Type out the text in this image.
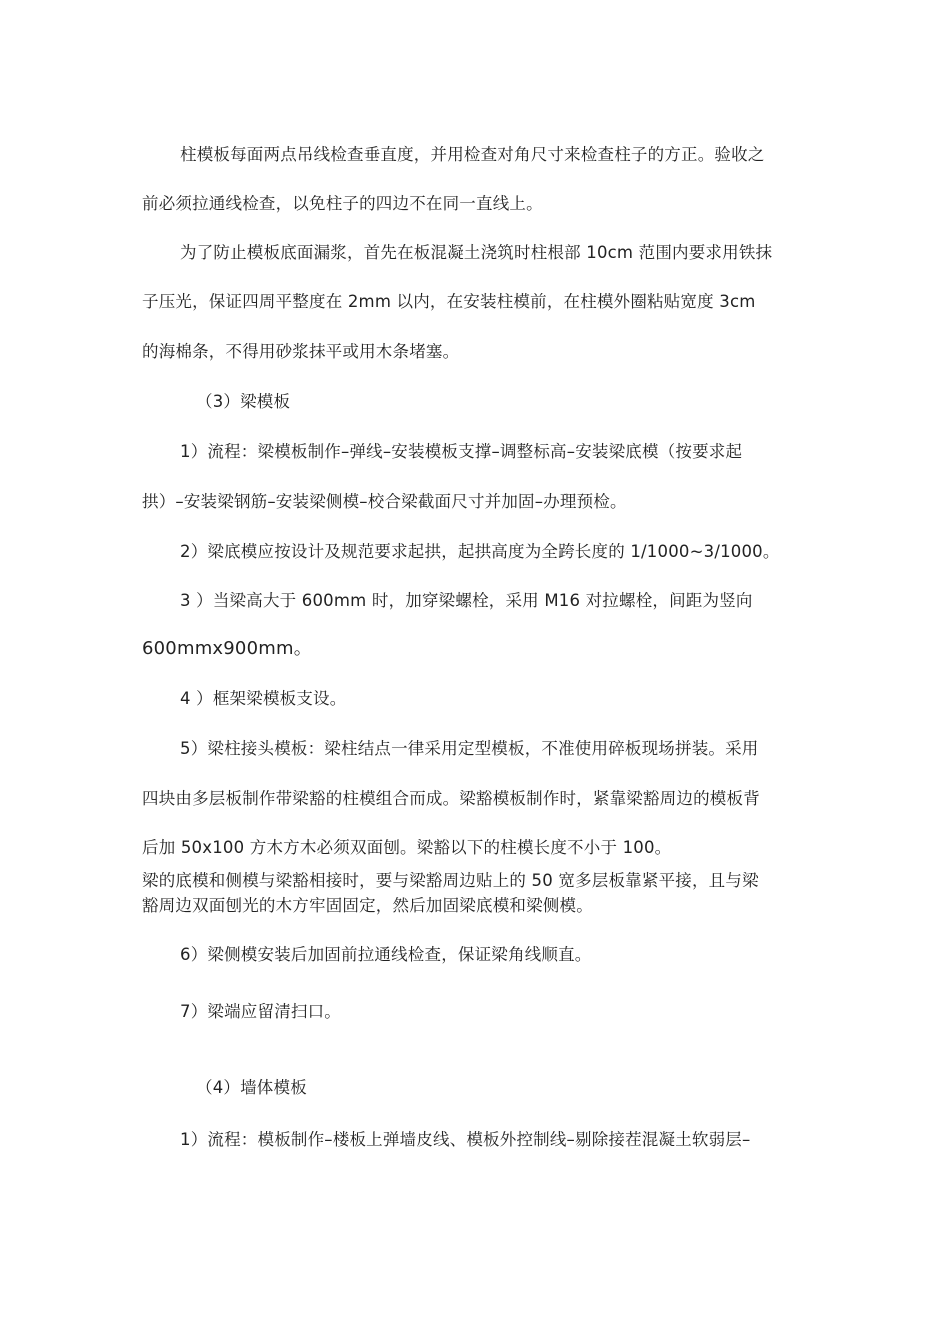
柱模板每面两点吊线检查垂直度，并用检查对角尺寸来检查柱子的方正。验收之
前必须拉通线检查，以免柱子的四边不在同一直线上。
为了防止模板底面漏浆，首先在板混凝土浇筑时柱根部 10cm 范围内要求用铁抹
子压光，保证四周平整度在 2mm 以内，在安装柱模前，在柱模外圈粘贴宽度 3cm
的海棉条，不得用砂浆抹平或用木条堵塞。
（3）梁模板
1）流程：梁模板制作–弹线–安装模板支撑–调整标高–安装梁底模（按要求起
拱）–安装梁钢筋–安装梁侧模–校合梁截面尺寸并加固–办理预检。
2）梁底模应按设计及规范要求起拱，起拱高度为全跨长度的 1/1000~3/1000。
3 ）当梁高大于 600mm 时，加穿梁螺栓，采用 M16 对拉螺栓，间距为竖向
600mmx900mm。
4 ）框架梁模板支设。
5）梁柱接头模板：梁柱结点一律采用定型模板，不准使用碎板现场拼装。采用
四块由多层板制作带梁豁的柱模组合而成。梁豁模板制作时，紧靠梁豁周边的模板背
后加 50x100 方木方木必须双面刨。梁豁以下的柱模长度不小于 100。
梁的底模和侧模与梁豁相接时，要与梁豁周边贴上的 50 宽多层板靠紧平接，且与梁
豁周边双面刨光的木方牢固固定，然后加固梁底模和梁侧模。
6）梁侧模安装后加固前拉通线检查，保证梁角线顺直。
7）梁端应留清扫口。
（4）墙体模板
1）流程：模板制作–楼板上弹墙皮线、模板外控制线–剔除接茬混凝土软弱层–
